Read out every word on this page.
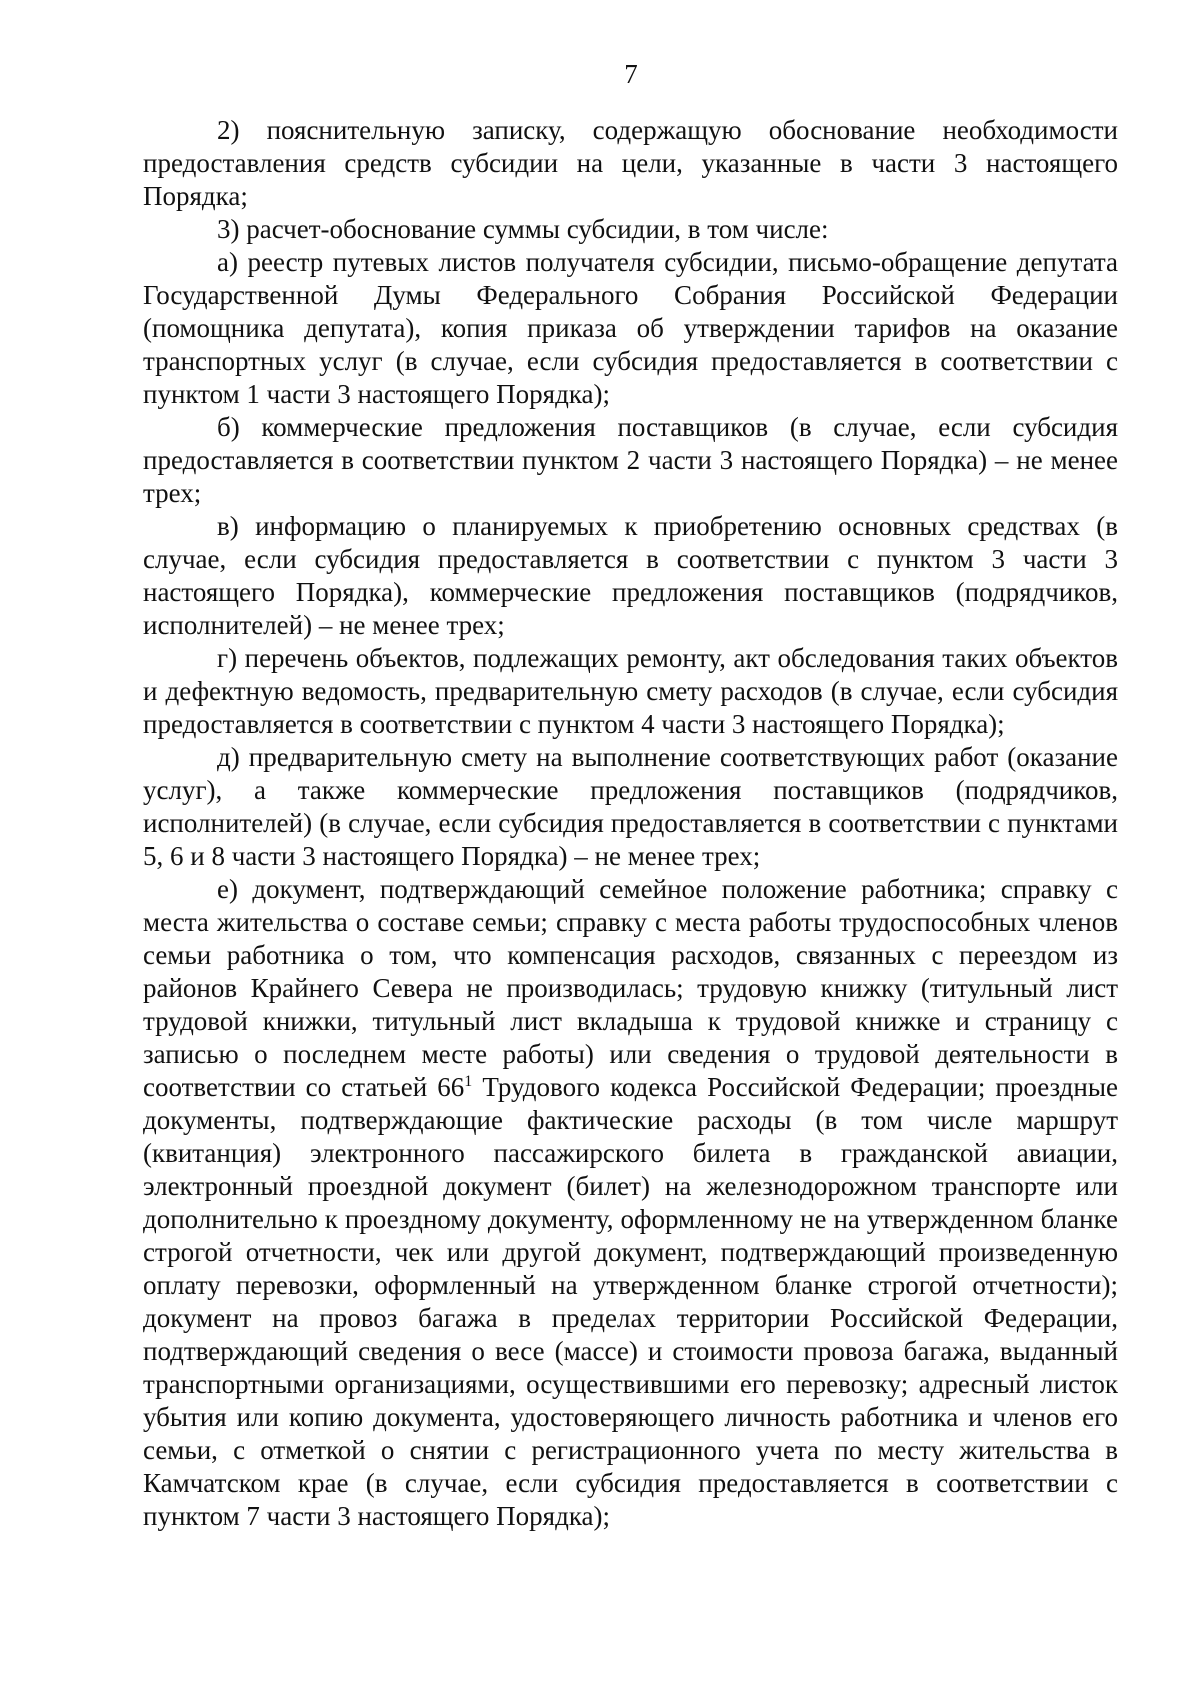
7

2) пояснительную записку, содержащую обоснование необходимости предоставления средств субсидии на цели, указанные в части 3 настоящего Порядка;

3) расчет-обоснование суммы субсидии, в том числе:

а) реестр путевых листов получателя субсидии, письмо-обращение депутата Государственной Думы Федерального Собрания Российской Федерации (помощника депутата), копия приказа об утверждении тарифов на оказание транспортных услуг (в случае, если субсидия предоставляется в соответствии с пунктом 1 части 3 настоящего Порядка);

б) коммерческие предложения поставщиков (в случае, если субсидия предоставляется в соответствии пунктом 2 части 3 настоящего Порядка) – не менее трех;

в) информацию о планируемых к приобретению основных средствах (в случае, если субсидия предоставляется в соответствии с пунктом 3 части 3 настоящего Порядка), коммерческие предложения поставщиков (подрядчиков, исполнителей) – не менее трех;

г) перечень объектов, подлежащих ремонту, акт обследования таких объектов и дефектную ведомость, предварительную смету расходов (в случае, если субсидия предоставляется в соответствии с пунктом 4 части 3 настоящего Порядка);

д) предварительную смету на выполнение соответствующих работ (оказание услуг), а также коммерческие предложения поставщиков (подрядчиков, исполнителей) (в случае, если субсидия предоставляется в соответствии с пунктами 5, 6 и 8 части 3 настоящего Порядка) – не менее трех;

е) документ, подтверждающий семейное положение работника; справку с места жительства о составе семьи; справку с места работы трудоспособных членов семьи работника о том, что компенсация расходов, связанных с переездом из районов Крайнего Севера не производилась; трудовую книжку (титульный лист трудовой книжки, титульный лист вкладыша к трудовой книжке и страницу с записью о последнем месте работы) или сведения о трудовой деятельности в соответствии со статьей $66^1$ Трудового кодекса Российской Федерации; проездные документы, подтверждающие фактические расходы (в том числе маршрут (квитанция) электронного пассажирского билета в гражданской авиации, электронный проездной документ (билет) на железнодорожном транспорте или дополнительно к проездному документу, оформленному не на утвержденном бланке строгой отчетности, чек или другой документ, подтверждающий произведенную оплату перевозки, оформленный на утвержденном бланке строгой отчетности); документ на провоз багажа в пределах территории Российской Федерации, подтверждающий сведения о весе (массе) и стоимости провоза багажа, выданный транспортными организациями, осуществившими его перевозку; адресный листок убытия или копию документа, удостоверяющего личность работника и членов его семьи, с отметкой о снятии с регистрационного учета по месту жительства в Камчатском крае (в случае, если субсидия предоставляется в соответствии с пунктом 7 части 3 настоящего Порядка);
